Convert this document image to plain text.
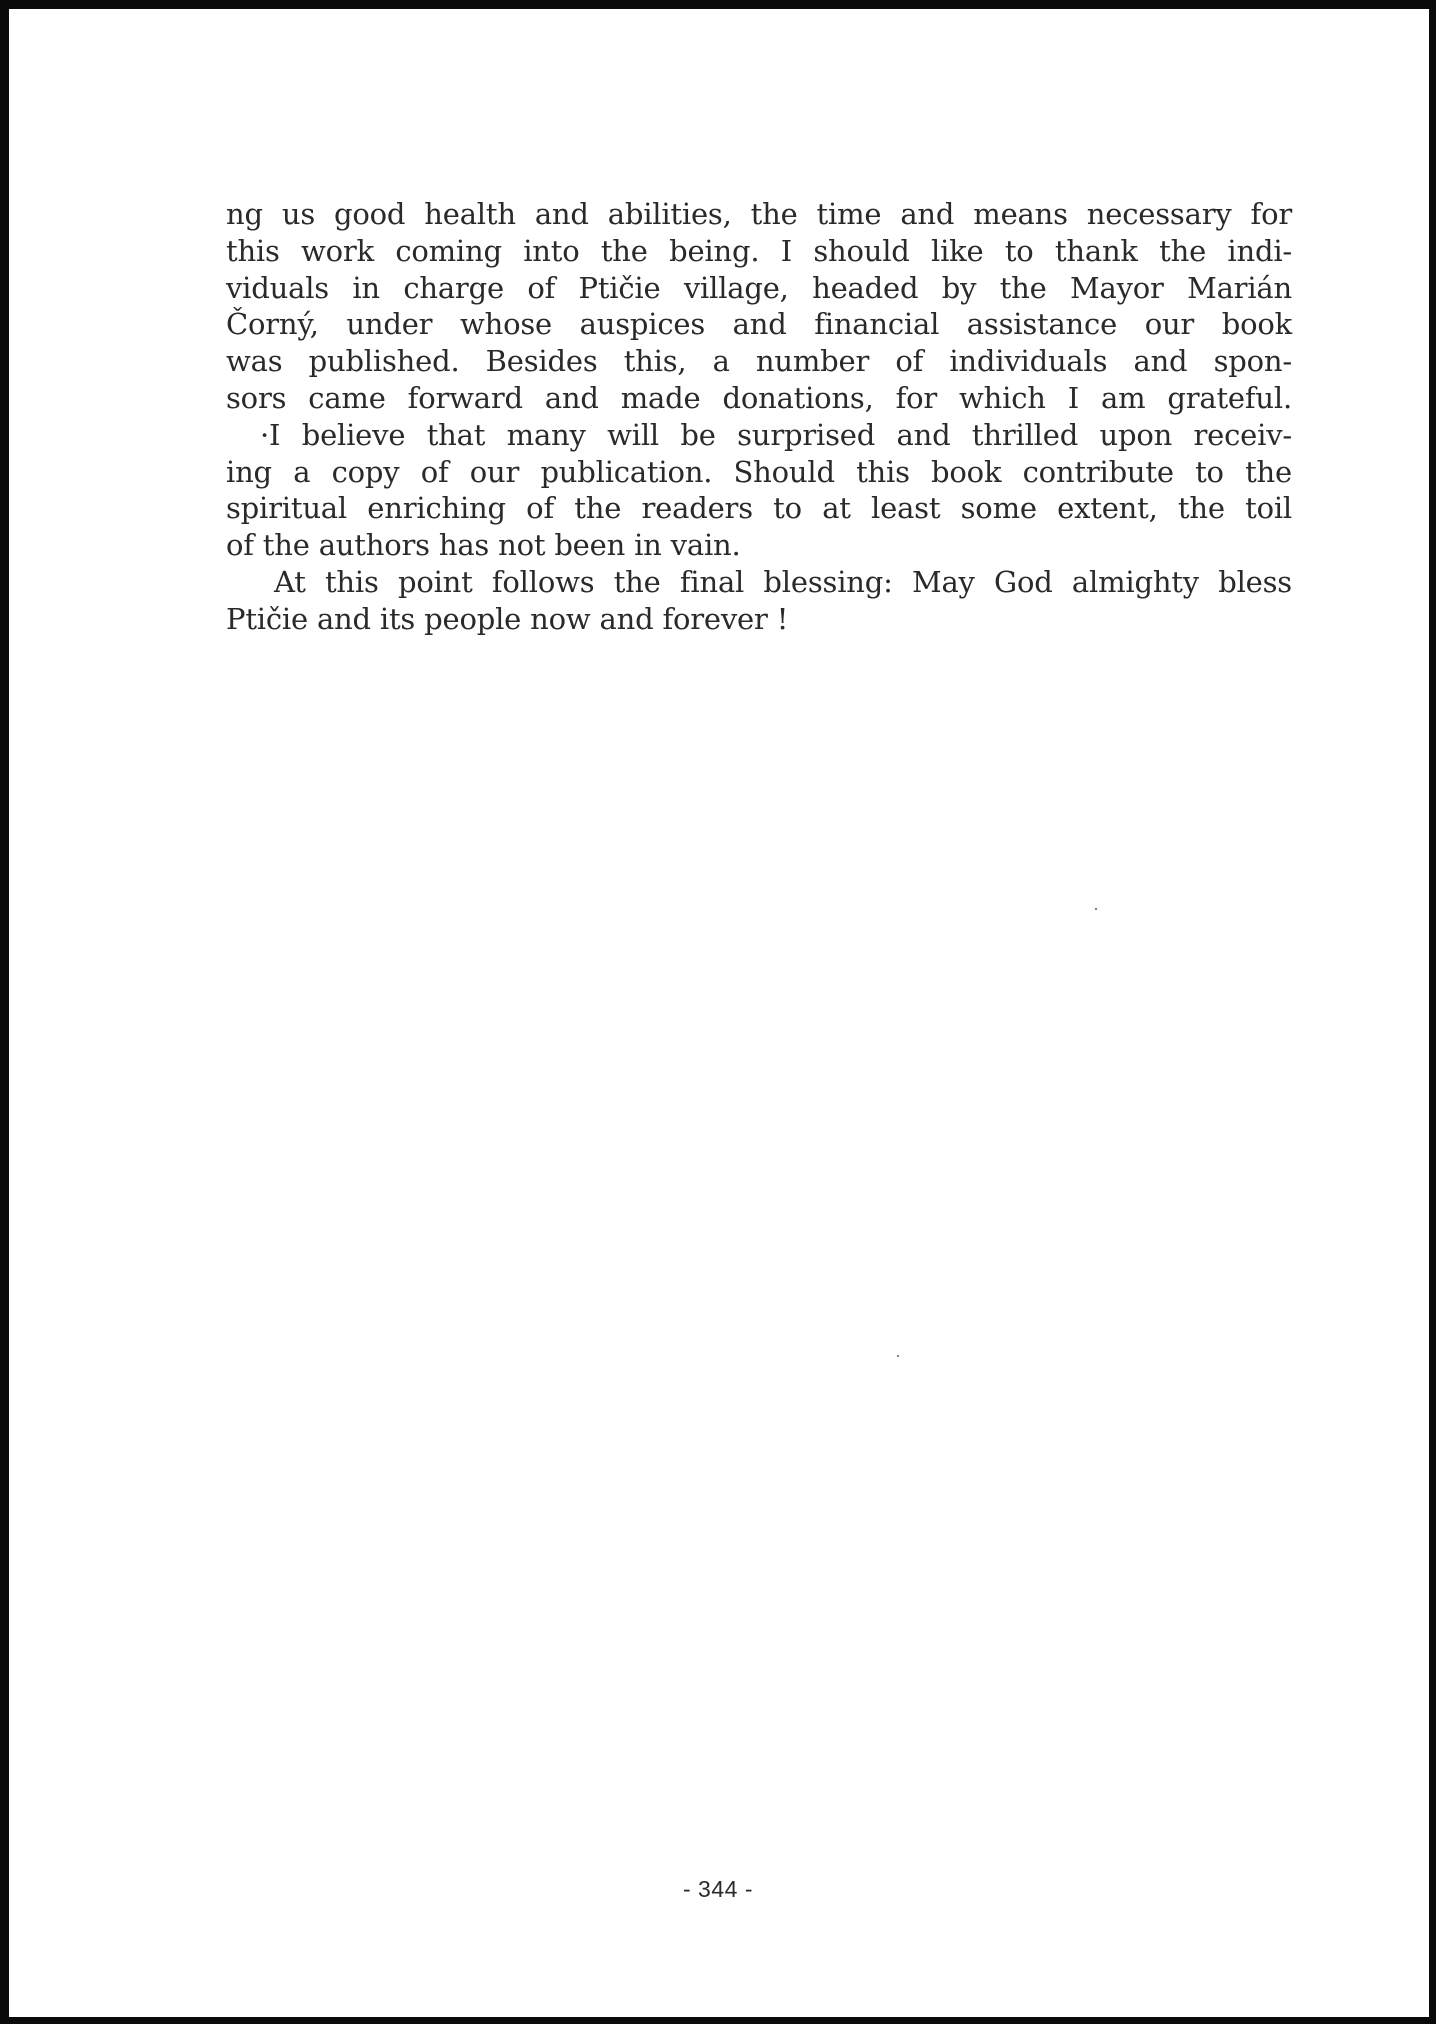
ng us good health and abilities, the time and means necessary for
this work coming into the being. I should like to thank the indi-
viduals in charge of Ptičie village, headed by the Mayor Marián
Čorný, under whose auspices and financial assistance our book
was published. Besides this, a number of individuals and spon-
sors came forward and made donations, for which I am grateful.
·I believe that many will be surprised and thrilled upon receiv-
ing a copy of our publication. Should this book contribute to the
spiritual enriching of the readers to at least some extent, the toil
of the authors has not been in vain.
At this point follows the final blessing: May God almighty bless
Ptičie and its people now and forever !
- 344 -
